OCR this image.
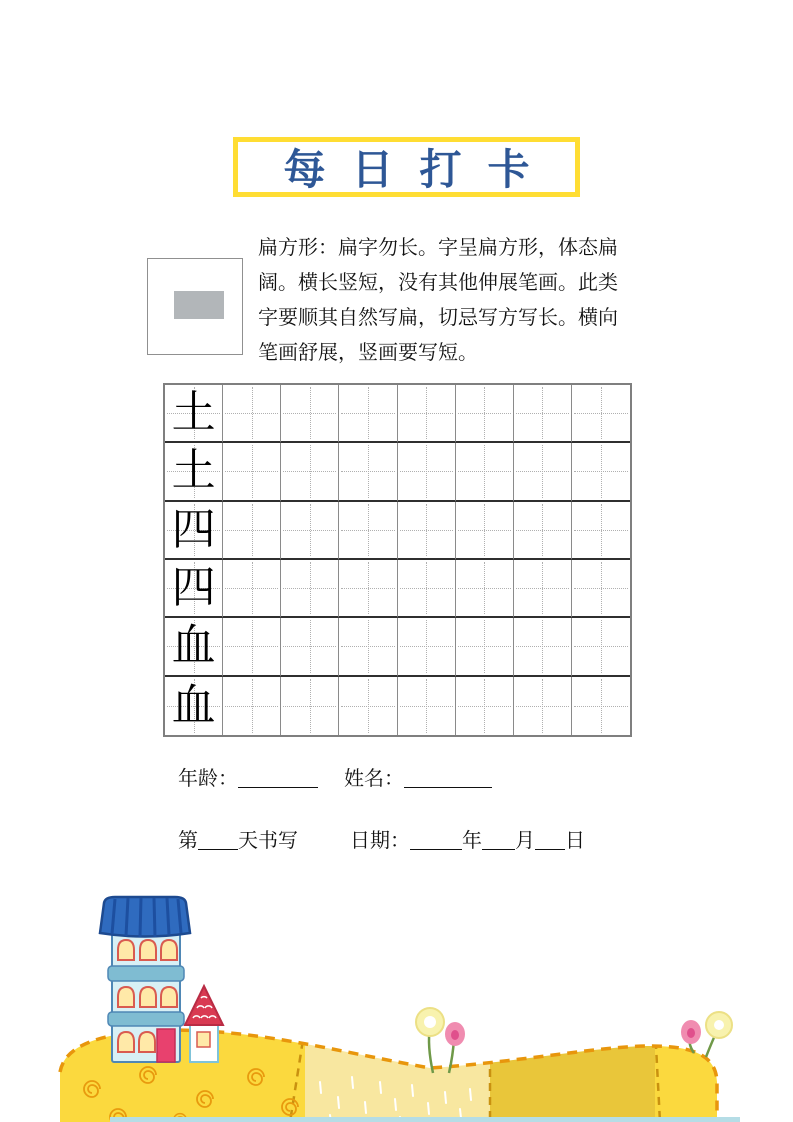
每日打卡
扁方形：扁字勿长。字呈扁方形，体态扁
阔。横长竖短，没有其他伸展笔画。此类
字要顺其自然写扁，切忌写方写长。横向
笔画舒展，竖画要写短。
土
土
四
四
血
血
年龄：	姓名：
第 天书写	日期：	年 月 日
